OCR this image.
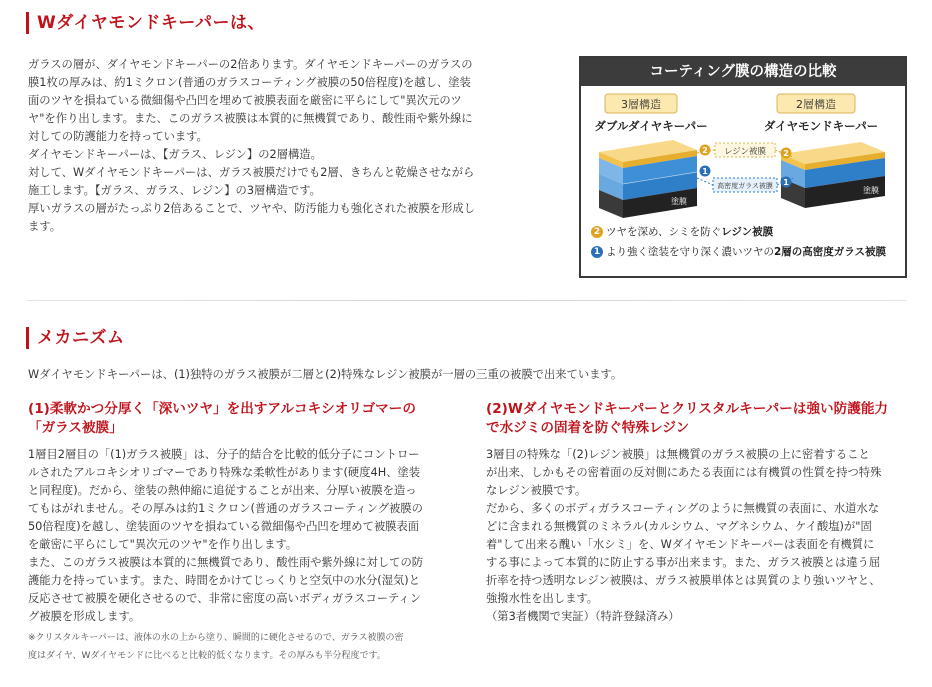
Wダイヤモンドキーパーは、
ガラスの層が、ダイヤモンドキーパーの2倍あります。ダイヤモンドキーパーのガラスの
膜1枚の厚みは、約1ミクロン(普通のガラスコーティング被膜の50倍程度)を越し、塗装
面のツヤを損ねている微細傷や凸凹を埋めて被膜表面を厳密に平らにして"異次元のツ
ヤ"を作り出します。また、このガラス被膜は本質的に無機質であり、酸性雨や紫外線に
対しての防護能力を持っています。
ダイヤモンドキーパーは、【ガラス、レジン】の2層構造。
対して、Wダイヤモンドキーパーは、ガラス被膜だけでも2層、きちんと乾燥させながら
施工します。【ガラス、ガラス、レジン】の3層構造です。
厚いガラスの層がたっぷり2倍あることで、ツヤや、防汚能力も強化された被膜を形成し
ます。
コーティング膜の構造の比較
3層構造	2層構造
ダブルダイヤキーパー	ダイヤモンドキーパー
塗膜
塗膜
レジン被膜
高密度ガラス被膜
2	2
1
1
2 ツヤを深め、シミを防ぐレジン被膜
1 より強く塗装を守り深く濃いツヤの2層の高密度ガラス被膜
メカニズム
Wダイヤモンドキーパーは、(1)独特のガラス被膜が二層と(2)特殊なレジン被膜が一層の三重の被膜で出来ています。
(1)柔軟かつ分厚く「深いツヤ」を出すアルコキシオリゴマーの
「ガラス被膜」
1層目2層目の「(1)ガラス被膜」は、分子的結合を比較的低分子にコントロー
ルされたアルコキシオリゴマーであり特殊な柔軟性があります(硬度4H、塗装
と同程度)。だから、塗装の熱伸縮に追従することが出来、分厚い被膜を造っ
てもはがれません。その厚みは約1ミクロン(普通のガラスコーティング被膜の
50倍程度)を越し、塗装面のツヤを損ねている微細傷や凸凹を埋めて被膜表面
を厳密に平らにして"異次元のツヤ"を作り出します。
また、このガラス被膜は本質的に無機質であり、酸性雨や紫外線に対しての防
護能力を持っています。また、時間をかけてじっくりと空気中の水分(湿気)と
反応させて被膜を硬化させるので、非常に密度の高いボディガラスコーティン
グ被膜を形成します。
※クリスタルキーパーは、液体の水の上から塗り、瞬間的に硬化させるので、ガラス被膜の密
度はダイヤ、Wダイヤモンドに比べると比較的低くなります。その厚みも半分程度です。
(2)Wダイヤモンドキーパーとクリスタルキーパーは強い防護能力
で水ジミの固着を防ぐ特殊レジン
3層目の特殊な「(2)レジン被膜」は無機質のガラス被膜の上に密着すること
が出来、しかもその密着面の反対側にあたる表面には有機質の性質を持つ特殊
なレジン被膜です。
だから、多くのボディガラスコーティングのように無機質の表面に、水道水な
どに含まれる無機質のミネラル(カルシウム、マグネシウム、ケイ酸塩)が"固
着"して出来る醜い「水シミ」を、Wダイヤモンドキーパーは表面を有機質に
する事によって本質的に防止する事が出来ます。また、ガラス被膜とは違う屈
折率を持つ透明なレジン被膜は、ガラス被膜単体とは異質のより強いツヤと、
強撥水性を出します。
（第3者機関で実証）（特許登録済み）
